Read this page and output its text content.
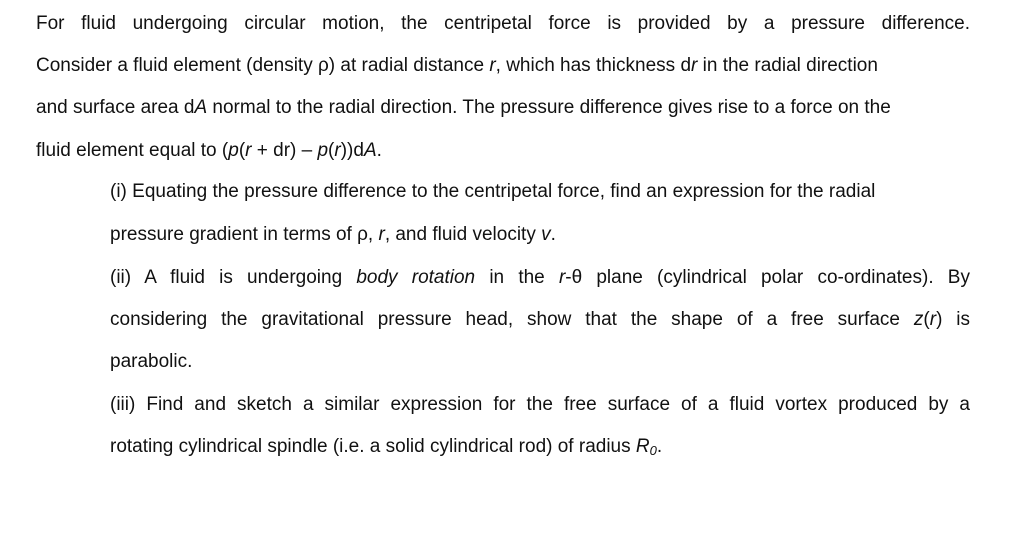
For fluid undergoing circular motion, the centripetal force is provided by a pressure difference.
Consider a fluid element (density ρ) at radial distance r, which has thickness dr in the radial direction
and surface area dA normal to the radial direction. The pressure difference gives rise to a force on the
fluid element equal to (p(r + dr) – p(r))dA.
(i) Equating the pressure difference to the centripetal force, find an expression for the radial
pressure gradient in terms of ρ, r, and fluid velocity v.
(ii) A fluid is undergoing body rotation in the r-θ plane (cylindrical polar co-ordinates). By
considering the gravitational pressure head, show that the shape of a free surface z(r) is
parabolic.
(iii) Find and sketch a similar expression for the free surface of a fluid vortex produced by a
rotating cylindrical spindle (i.e. a solid cylindrical rod) of radius $R_0$.
